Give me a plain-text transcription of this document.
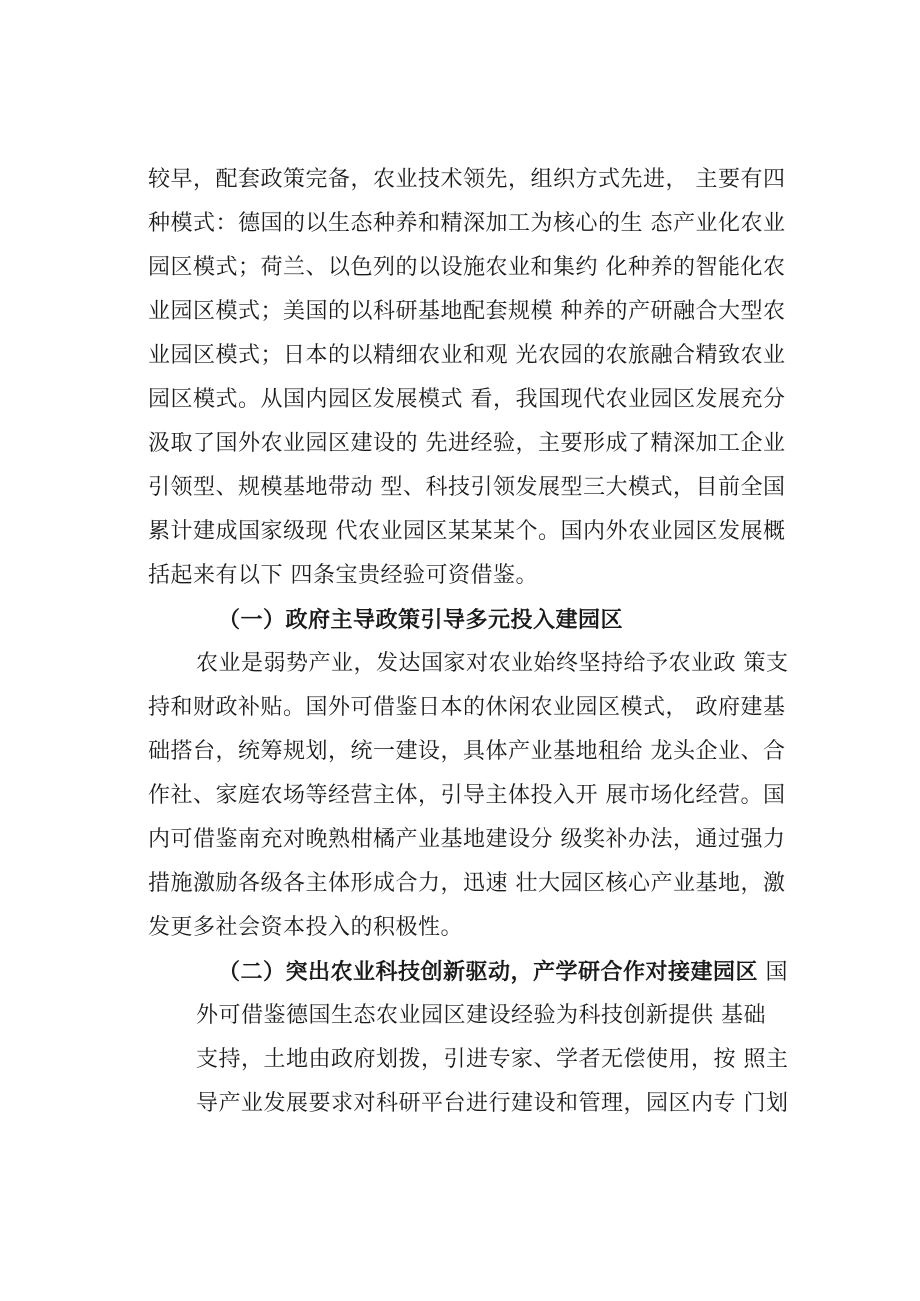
较早，配套政策完备，农业技术领先，组织方式先进， 主要有四
种模式：德国的以生态种养和精深加工为核心的生 态产业化农业
园区模式；荷兰、以色列的以设施农业和集约 化种养的智能化农
业园区模式；美国的以科研基地配套规模 种养的产研融合大型农
业园区模式；日本的以精细农业和观 光农园的农旅融合精致农业
园区模式。从国内园区发展模式 看，我国现代农业园区发展充分
汲取了国外农业园区建设的 先进经验，主要形成了精深加工企业
引领型、规模基地带动 型、科技引领发展型三大模式，目前全国
累计建成国家级现 代农业园区某某某个。国内外农业园区发展概
括起来有以下 四条宝贵经验可资借鉴。
（一）政府主导政策引导多元投入建园区
农业是弱势产业，发达国家对农业始终坚持给予农业政 策支
持和财政补贴。国外可借鉴日本的休闲农业园区模式， 政府建基
础搭台，统筹规划，统一建设，具体产业基地租给 龙头企业、合
作社、家庭农场等经营主体，引导主体投入开 展市场化经营。国
内可借鉴南充对晚熟柑橘产业基地建设分 级奖补办法，通过强力
措施激励各级各主体形成合力，迅速 壮大园区核心产业基地，激
发更多社会资本投入的积极性。
（二）突出农业科技创新驱动，产学研合作对接建园区 国
外可借鉴德国生态农业园区建设经验为科技创新提供 基础
支持，土地由政府划拨，引进专家、学者无偿使用，按 照主
导产业发展要求对科研平台进行建设和管理，园区内专 门划
